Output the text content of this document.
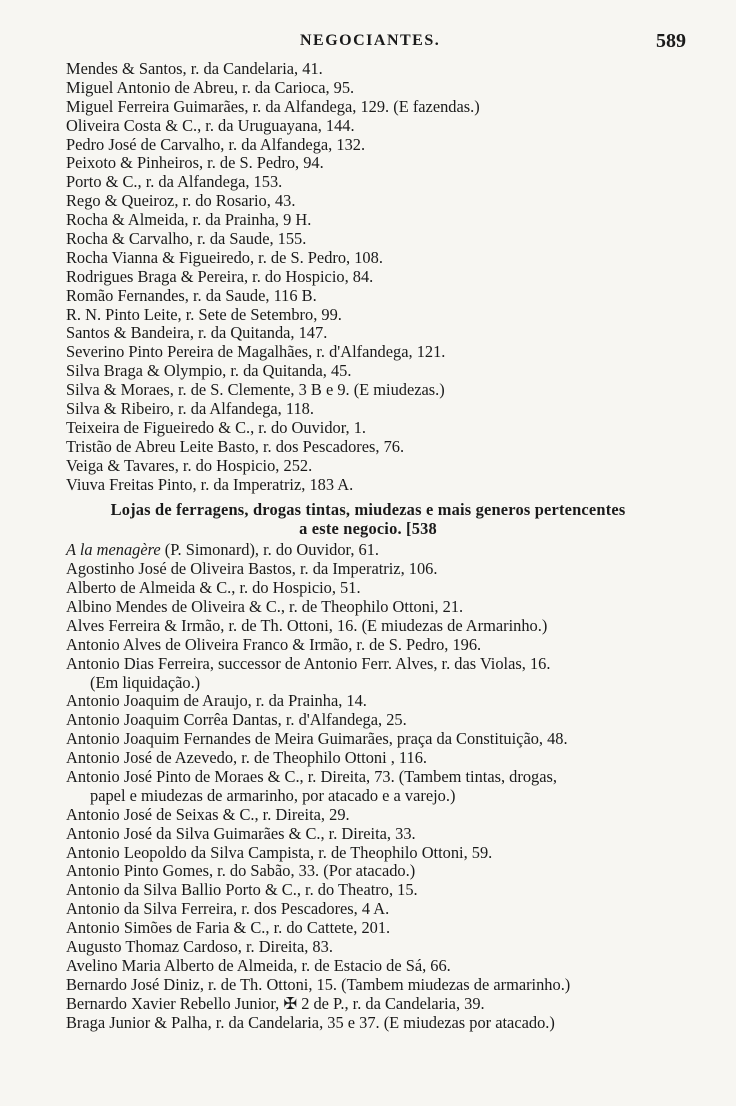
NEGOCIANTES.	589
Mendes & Santos, r. da Candelaria, 41.
Miguel Antonio de Abreu, r. da Carioca, 95.
Miguel Ferreira Guimarães, r. da Alfandega, 129. (E fazendas.)
Oliveira Costa & C., r. da Uruguayana, 144.
Pedro José de Carvalho, r. da Alfandega, 132.
Peixoto & Pinheiros, r. de S. Pedro, 94.
Porto & C., r. da Alfandega, 153.
Rego & Queiroz, r. do Rosario, 43.
Rocha & Almeida, r. da Prainha, 9 H.
Rocha & Carvalho, r. da Saude, 155.
Rocha Vianna & Figueiredo, r. de S. Pedro, 108.
Rodrigues Braga & Pereira, r. do Hospicio, 84.
Romão Fernandes, r. da Saude, 116 B.
R. N. Pinto Leite, r. Sete de Setembro, 99.
Santos & Bandeira, r. da Quitanda, 147.
Severino Pinto Pereira de Magalhães, r. d'Alfandega, 121.
Silva Braga & Olympio, r. da Quitanda, 45.
Silva & Moraes, r. de S. Clemente, 3 B e 9. (E miudezas.)
Silva & Ribeiro, r. da Alfandega, 118.
Teixeira de Figueiredo & C., r. do Ouvidor, 1.
Tristão de Abreu Leite Basto, r. dos Pescadores, 76.
Veiga & Tavares, r. do Hospicio, 252.
Viuva Freitas Pinto, r. da Imperatriz, 183 A.
Lojas de ferragens, drogas tintas, miudezas e mais generos pertencentes
a este negocio. [538
A la menagère (P. Simonard), r. do Ouvidor, 61.
Agostinho José de Oliveira Bastos, r. da Imperatriz, 106.
Alberto de Almeida & C., r. do Hospicio, 51.
Albino Mendes de Oliveira & C., r. de Theophilo Ottoni, 21.
Alves Ferreira & Irmão, r. de Th. Ottoni, 16. (E miudezas de Armarinho.)
Antonio Alves de Oliveira Franco & Irmão, r. de S. Pedro, 196.
Antonio Dias Ferreira, successor de Antonio Ferr. Alves, r. das Violas, 16.
(Em liquidação.)
Antonio Joaquim de Araujo, r. da Prainha, 14.
Antonio Joaquim Corrêa Dantas, r. d'Alfandega, 25.
Antonio Joaquim Fernandes de Meira Guimarães, praça da Constituição, 48.
Antonio José de Azevedo, r. de Theophilo Ottoni , 116.
Antonio José Pinto de Moraes & C., r. Direita, 73. (Tambem tintas, drogas,
papel e miudezas de armarinho, por atacado e a varejo.)
Antonio José de Seixas & C., r. Direita, 29.
Antonio José da Silva Guimarães & C., r. Direita, 33.
Antonio Leopoldo da Silva Campista, r. de Theophilo Ottoni, 59.
Antonio Pinto Gomes, r. do Sabão, 33. (Por atacado.)
Antonio da Silva Ballio Porto & C., r. do Theatro, 15.
Antonio da Silva Ferreira, r. dos Pescadores, 4 A.
Antonio Simões de Faria & C., r. do Cattete, 201.
Augusto Thomaz Cardoso, r. Direita, 83.
Avelino Maria Alberto de Almeida, r. de Estacio de Sá, 66.
Bernardo José Diniz, r. de Th. Ottoni, 15. (Tambem miudezas de armarinho.)
Bernardo Xavier Rebello Junior, ✠ 2 de P., r. da Candelaria, 39.
Braga Junior & Palha, r. da Candelaria, 35 e 37. (E miudezas por atacado.)
